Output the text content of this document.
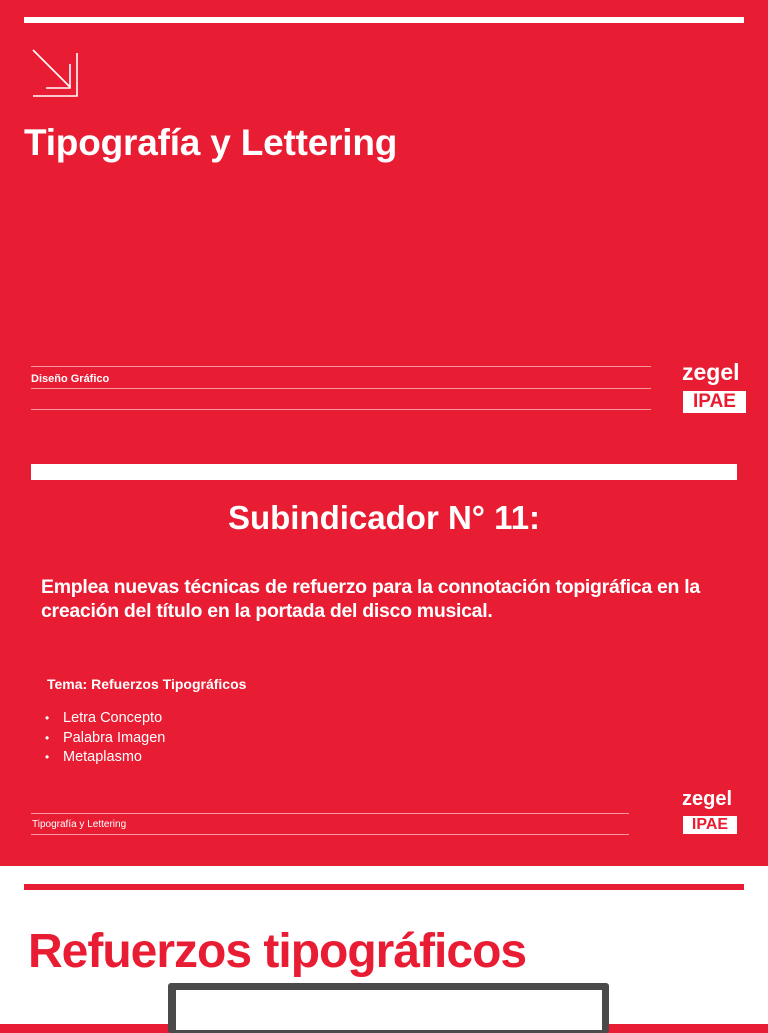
Tipografía y Lettering
Diseño Gráfico	zegel
IPAE
Subindicador N° 11:
Emplea nuevas técnicas de refuerzo para la connotación topigráfica en la creación del título en la portada del disco musical.
Tema: Refuerzos Tipográficos
• Letra Concepto
• Palabra Imagen
• Metaplasmo
Tipografía y Lettering
zegel
IPAE
Refuerzos tipográficos
